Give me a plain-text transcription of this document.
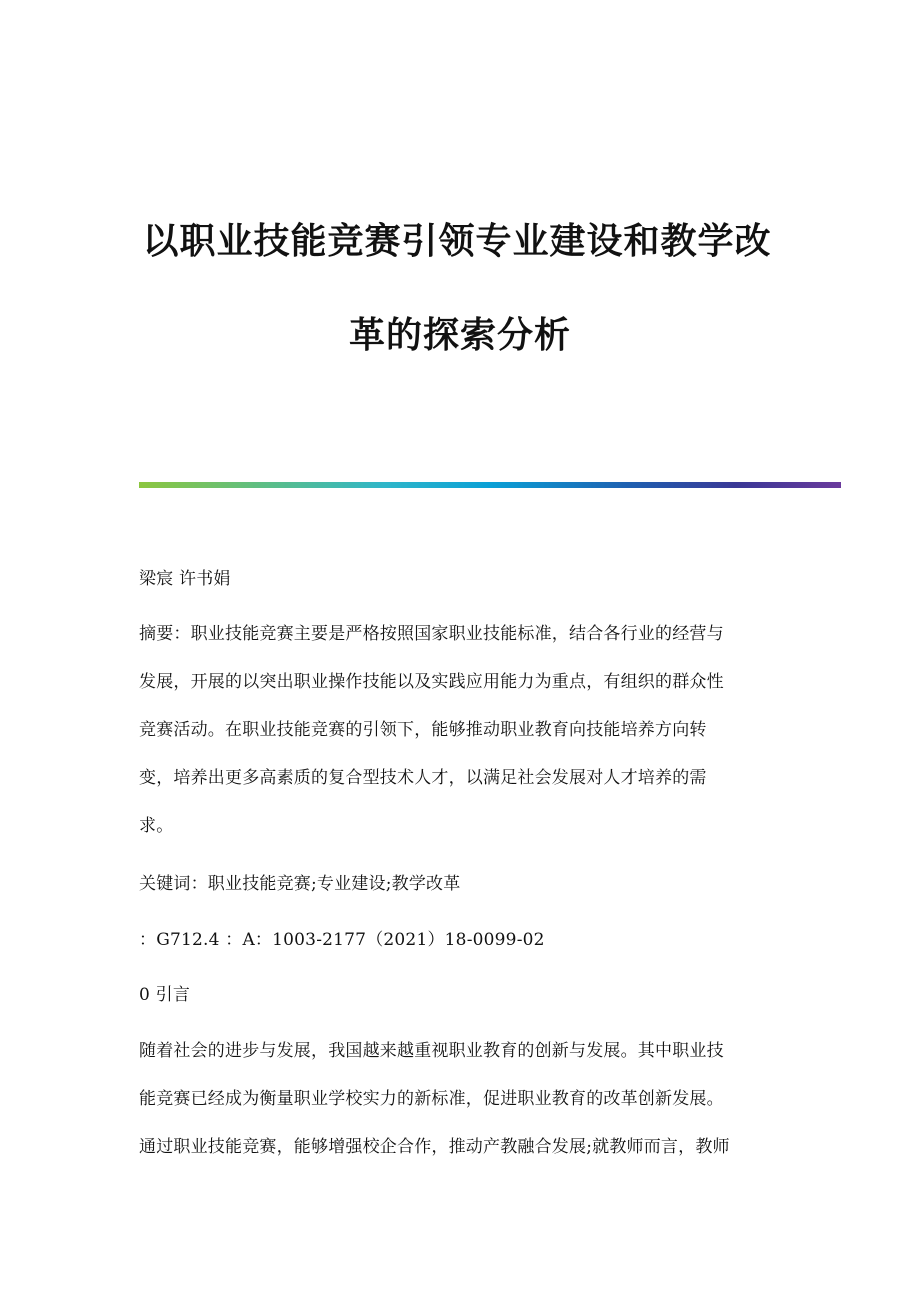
以职业技能竞赛引领专业建设和教学改
革的探索分析
梁宸 许书娟
摘要：职业技能竞赛主要是严格按照国家职业技能标准，结合各行业的经营与
发展，开展的以突出职业操作技能以及实践应用能力为重点，有组织的群众性
竞赛活动。在职业技能竞赛的引领下，能够推动职业教育向技能培养方向转
变，培养出更多高素质的复合型技术人才，以满足社会发展对人才培养的需
求。
关键词：职业技能竞赛;专业建设;教学改革
：G712.4 ：A：1003-2177（2021）18-0099-02
0 引言
随着社会的进步与发展，我国越来越重视职业教育的创新与发展。其中职业技
能竞赛已经成为衡量职业学校实力的新标准，促进职业教育的改革创新发展。
通过职业技能竞赛，能够增强校企合作，推动产教融合发展;就教师而言，教师
